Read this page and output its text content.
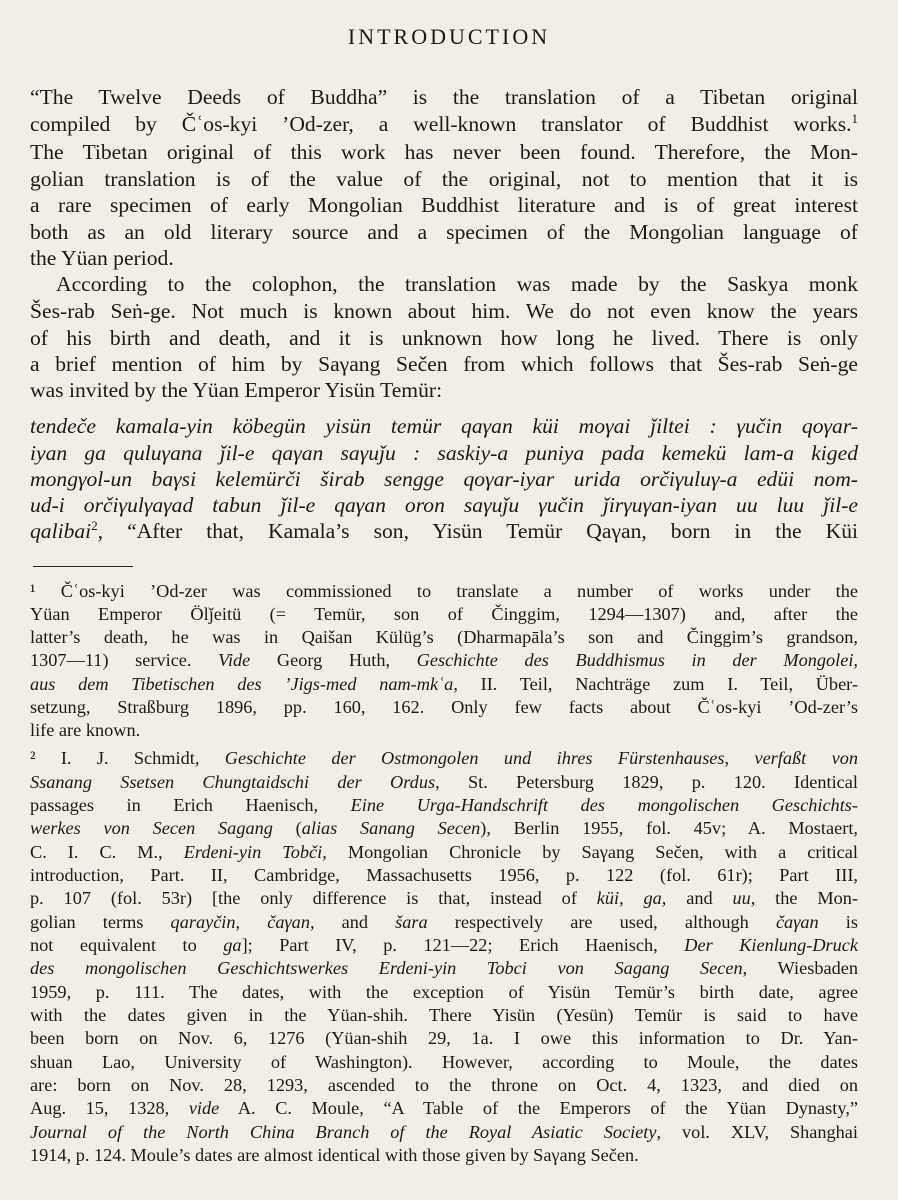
INTRODUCTION
“The Twelve Deeds of Buddha” is the translation of a Tibetan original
compiled by Čʿos-kyi ’Od-zer, a well-known translator of Buddhist works.$^1$
The Tibetan original of this work has never been found. Therefore, the Mon-
golian translation is of the value of the original, not to mention that it is
a rare specimen of early Mongolian Buddhist literature and is of great interest
both as an old literary source and a specimen of the Mongolian language of
the Yüan period.
According to the colophon, the translation was made by the Saskya monk
Šes-rab Seṅ-ge. Not much is known about him. We do not even know the years
of his birth and death, and it is unknown how long he lived. There is only
a brief mention of him by Saγang Sečen from which follows that Šes-rab Seṅ-ge
was invited by the Yüan Emperor Yisün Temür:
tendeče kamala-yin köbegün yisün temür qaγan küi moγai ǰiltei : γučin qoγar-
iyan ga quluγana ǰil-e qaγan saγuǰu : saskiy-a puniya pada kemekü lam-a kiged
mongγol-un baγsi kelemürči širab sengge qoγar-iyar urida orčiγuluγ-a edüi nom-
ud-i orčiγulγaγad tabun ǰil-e qaγan oron saγuǰu γučin ǰirγuγan-iyan uu luu ǰil-e
qalibai$^2$, “After that, Kamala’s son, Yisün Temür Qaγan, born in the Küi
¹ Čʿos-kyi ’Od-zer was commissioned to translate a number of works under the
Yüan Emperor Ölǰeitü (= Temür, son of Činggim, 1294—1307) and, after the
latter’s death, he was in Qaišan Külüg’s (Dharmapāla’s son and Činggim’s grandson,
1307—11) service. Vide Georg Huth, Geschichte des Buddhismus in der Mongolei,
aus dem Tibetischen des ’Jigs-med nam-mkʿa, II. Teil, Nachträge zum I. Teil, Über-
setzung, Straßburg 1896, pp. 160, 162. Only few facts about Čʿos-kyi ’Od-zer’s
life are known.
² I. J. Schmidt, Geschichte der Ostmongolen und ihres Fürstenhauses, verfaßt von
Ssanang Ssetsen Chungtaidschi der Ordus, St. Petersburg 1829, p. 120. Identical
passages in Erich Haenisch, Eine Urga-Handschrift des mongolischen Geschichts-
werkes von Secen Sagang (alias Sanang Secen), Berlin 1955, fol. 45v; A. Mostaert,
C. I. C. M., Erdeni-yin Tobči, Mongolian Chronicle by Saγang Sečen, with a critical
introduction, Part. II, Cambridge, Massachusetts 1956, p. 122 (fol. 61r); Part III,
p. 107 (fol. 53r) [the only difference is that, instead of küi, ga, and uu, the Mon-
golian terms qarayčin, čaγan, and šara respectively are used, although čaγan is
not equivalent to ga]; Part IV, p. 121—22; Erich Haenisch, Der Kienlung-Druck
des mongolischen Geschichtswerkes Erdeni-yin Tobci von Sagang Secen, Wiesbaden
1959, p. 111. The dates, with the exception of Yisün Temür’s birth date, agree
with the dates given in the Yüan-shih. There Yisün (Yesün) Temür is said to have
been born on Nov. 6, 1276 (Yüan-shih 29, 1a. I owe this information to Dr. Yan-
shuan Lao, University of Washington). However, according to Moule, the dates
are: born on Nov. 28, 1293, ascended to the throne on Oct. 4, 1323, and died on
Aug. 15, 1328, vide A. C. Moule, “A Table of the Emperors of the Yüan Dynasty,”
Journal of the North China Branch of the Royal Asiatic Society, vol. XLV, Shanghai
1914, p. 124. Moule’s dates are almost identical with those given by Saγang Sečen.
